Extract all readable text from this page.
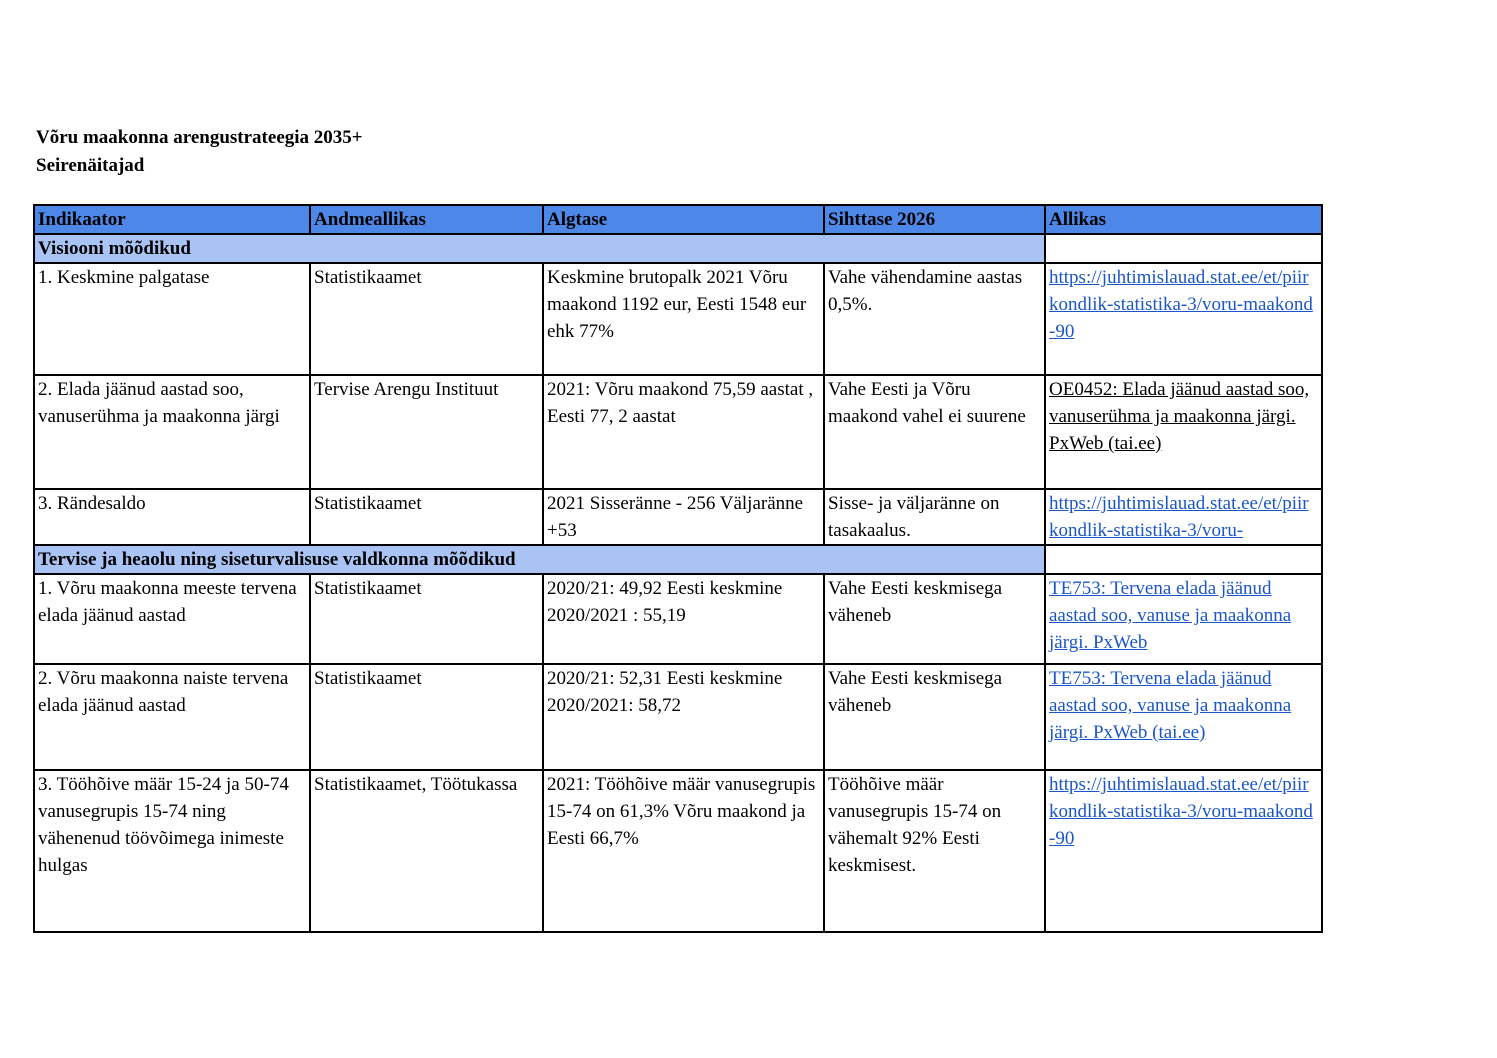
Võru maakonna arengustrateegia 2035+
Seirenäitajad
Indikaator	Andmeallikas	Algtase	Sihttase 2026	Allikas
Visiooni mõõdikud				
1. Keskmine palgatase	Statistikaamet	Keskmine brutopalk 2021 Võru maakond 1192 eur, Eesti 1548 eur ehk 77%	Vahe vähendamine aastas 0,5%.	https://juhtimislauad.stat.ee/et/piirkondlik-statistika-3/voru-maakond-90
2. Elada jäänud aastad soo, vanuserühma ja maakonna järgi	Tervise Arengu Instituut	2021: Võru maakond 75,59 aastat , Eesti 77, 2 aastat	Vahe Eesti ja Võru maakond vahel ei suurene	OE0452: Elada jäänud aastad soo, vanuserühma ja maakonna järgi. PxWeb (tai.ee)
3. Rändesaldo	Statistikaamet	2021 Sisseränne - 256 Väljaränne +53	Sisse- ja väljaränne on tasakaalus.	https://juhtimislauad.stat.ee/et/piirkondlik-statistika-3/voru-
Tervise ja heaolu ning siseturvalisuse valdkonna mõõdikud				
1. Võru maakonna meeste tervena elada jäänud aastad	Statistikaamet	2020/21: 49,92 Eesti keskmine 2020/2021 : 55,19	Vahe Eesti keskmisega väheneb	TE753: Tervena elada jäänud aastad soo, vanuse ja maakonna järgi. PxWeb
2. Võru maakonna naiste tervena elada jäänud aastad	Statistikaamet	2020/21: 52,31 Eesti keskmine 2020/2021: 58,72	Vahe Eesti keskmisega väheneb	TE753: Tervena elada jäänud aastad soo, vanuse ja maakonna järgi. PxWeb (tai.ee)
3. Tööhõive määr 15-24 ja 50-74 vanusegrupis 15-74 ning vähenenud töövõimega inimeste hulgas	Statistikaamet, Töötukassa	2021: Tööhõive määr vanusegrupis 15-74 on 61,3% Võru maakond ja Eesti 66,7%	Tööhõive määr vanusegrupis 15-74 on vähemalt 92% Eesti keskmisest.	https://juhtimislauad.stat.ee/et/piirkondlik-statistika-3/voru-maakond-90
